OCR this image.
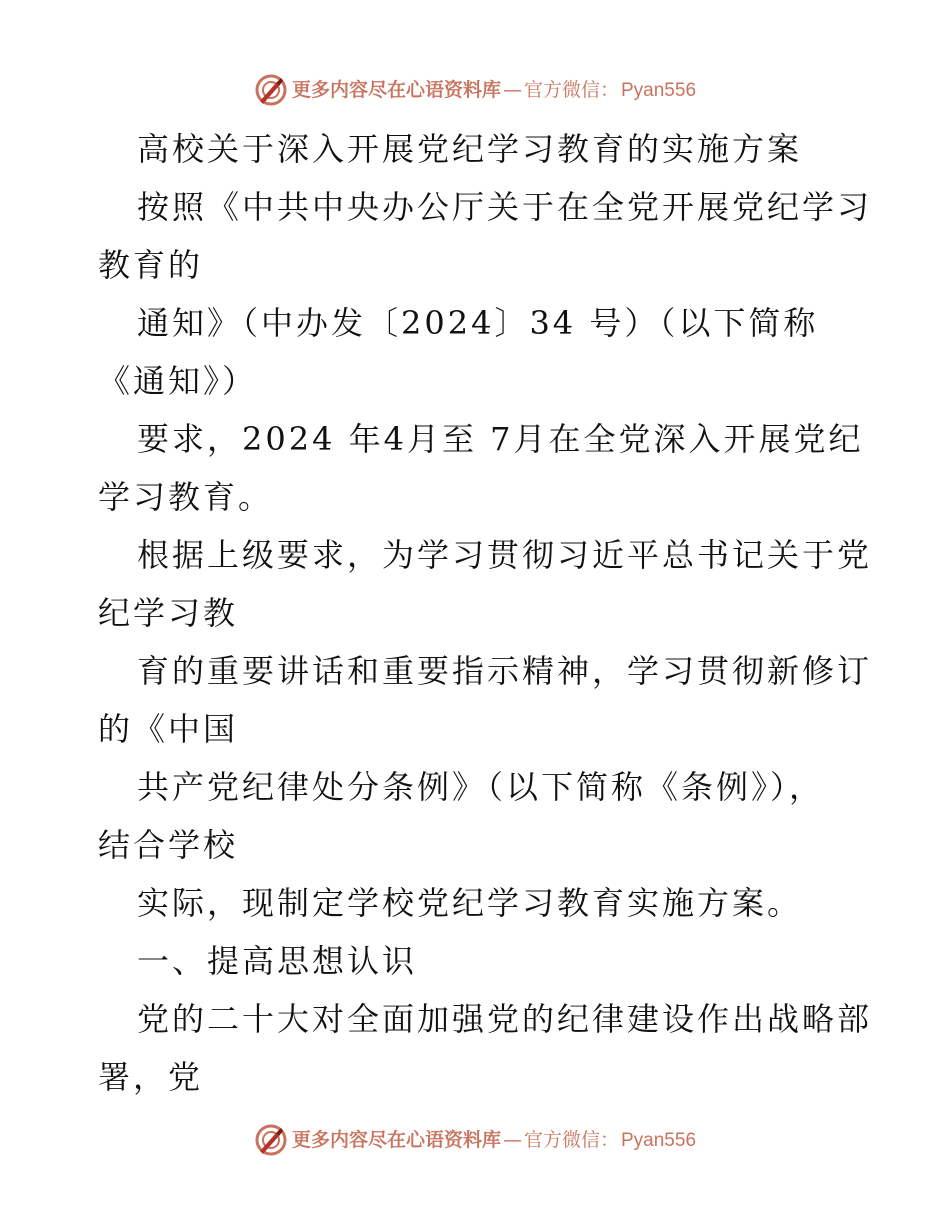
更多内容尽在心语资料库 — 官方微信： Pyan556
高校关于深入开展党纪学习教育的实施方案
按照《中共中央办公厅关于在全党开展党纪学习
教育的
通知》（中办发〔2024〕34 号）（以下简称
《通知》）
要求，2024 年4月至 7月在全党深入开展党纪
学习教育。
根据上级要求，为学习贯彻习近平总书记关于党
纪学习教
育的重要讲话和重要指示精神，学习贯彻新修订
的《中国
共产党纪律处分条例》（以下简称《条例》），
结合学校
实际，现制定学校党纪学习教育实施方案。
一、提高思想认识
党的二十大对全面加强党的纪律建设作出战略部
署，党
更多内容尽在心语资料库 — 官方微信： Pyan556
